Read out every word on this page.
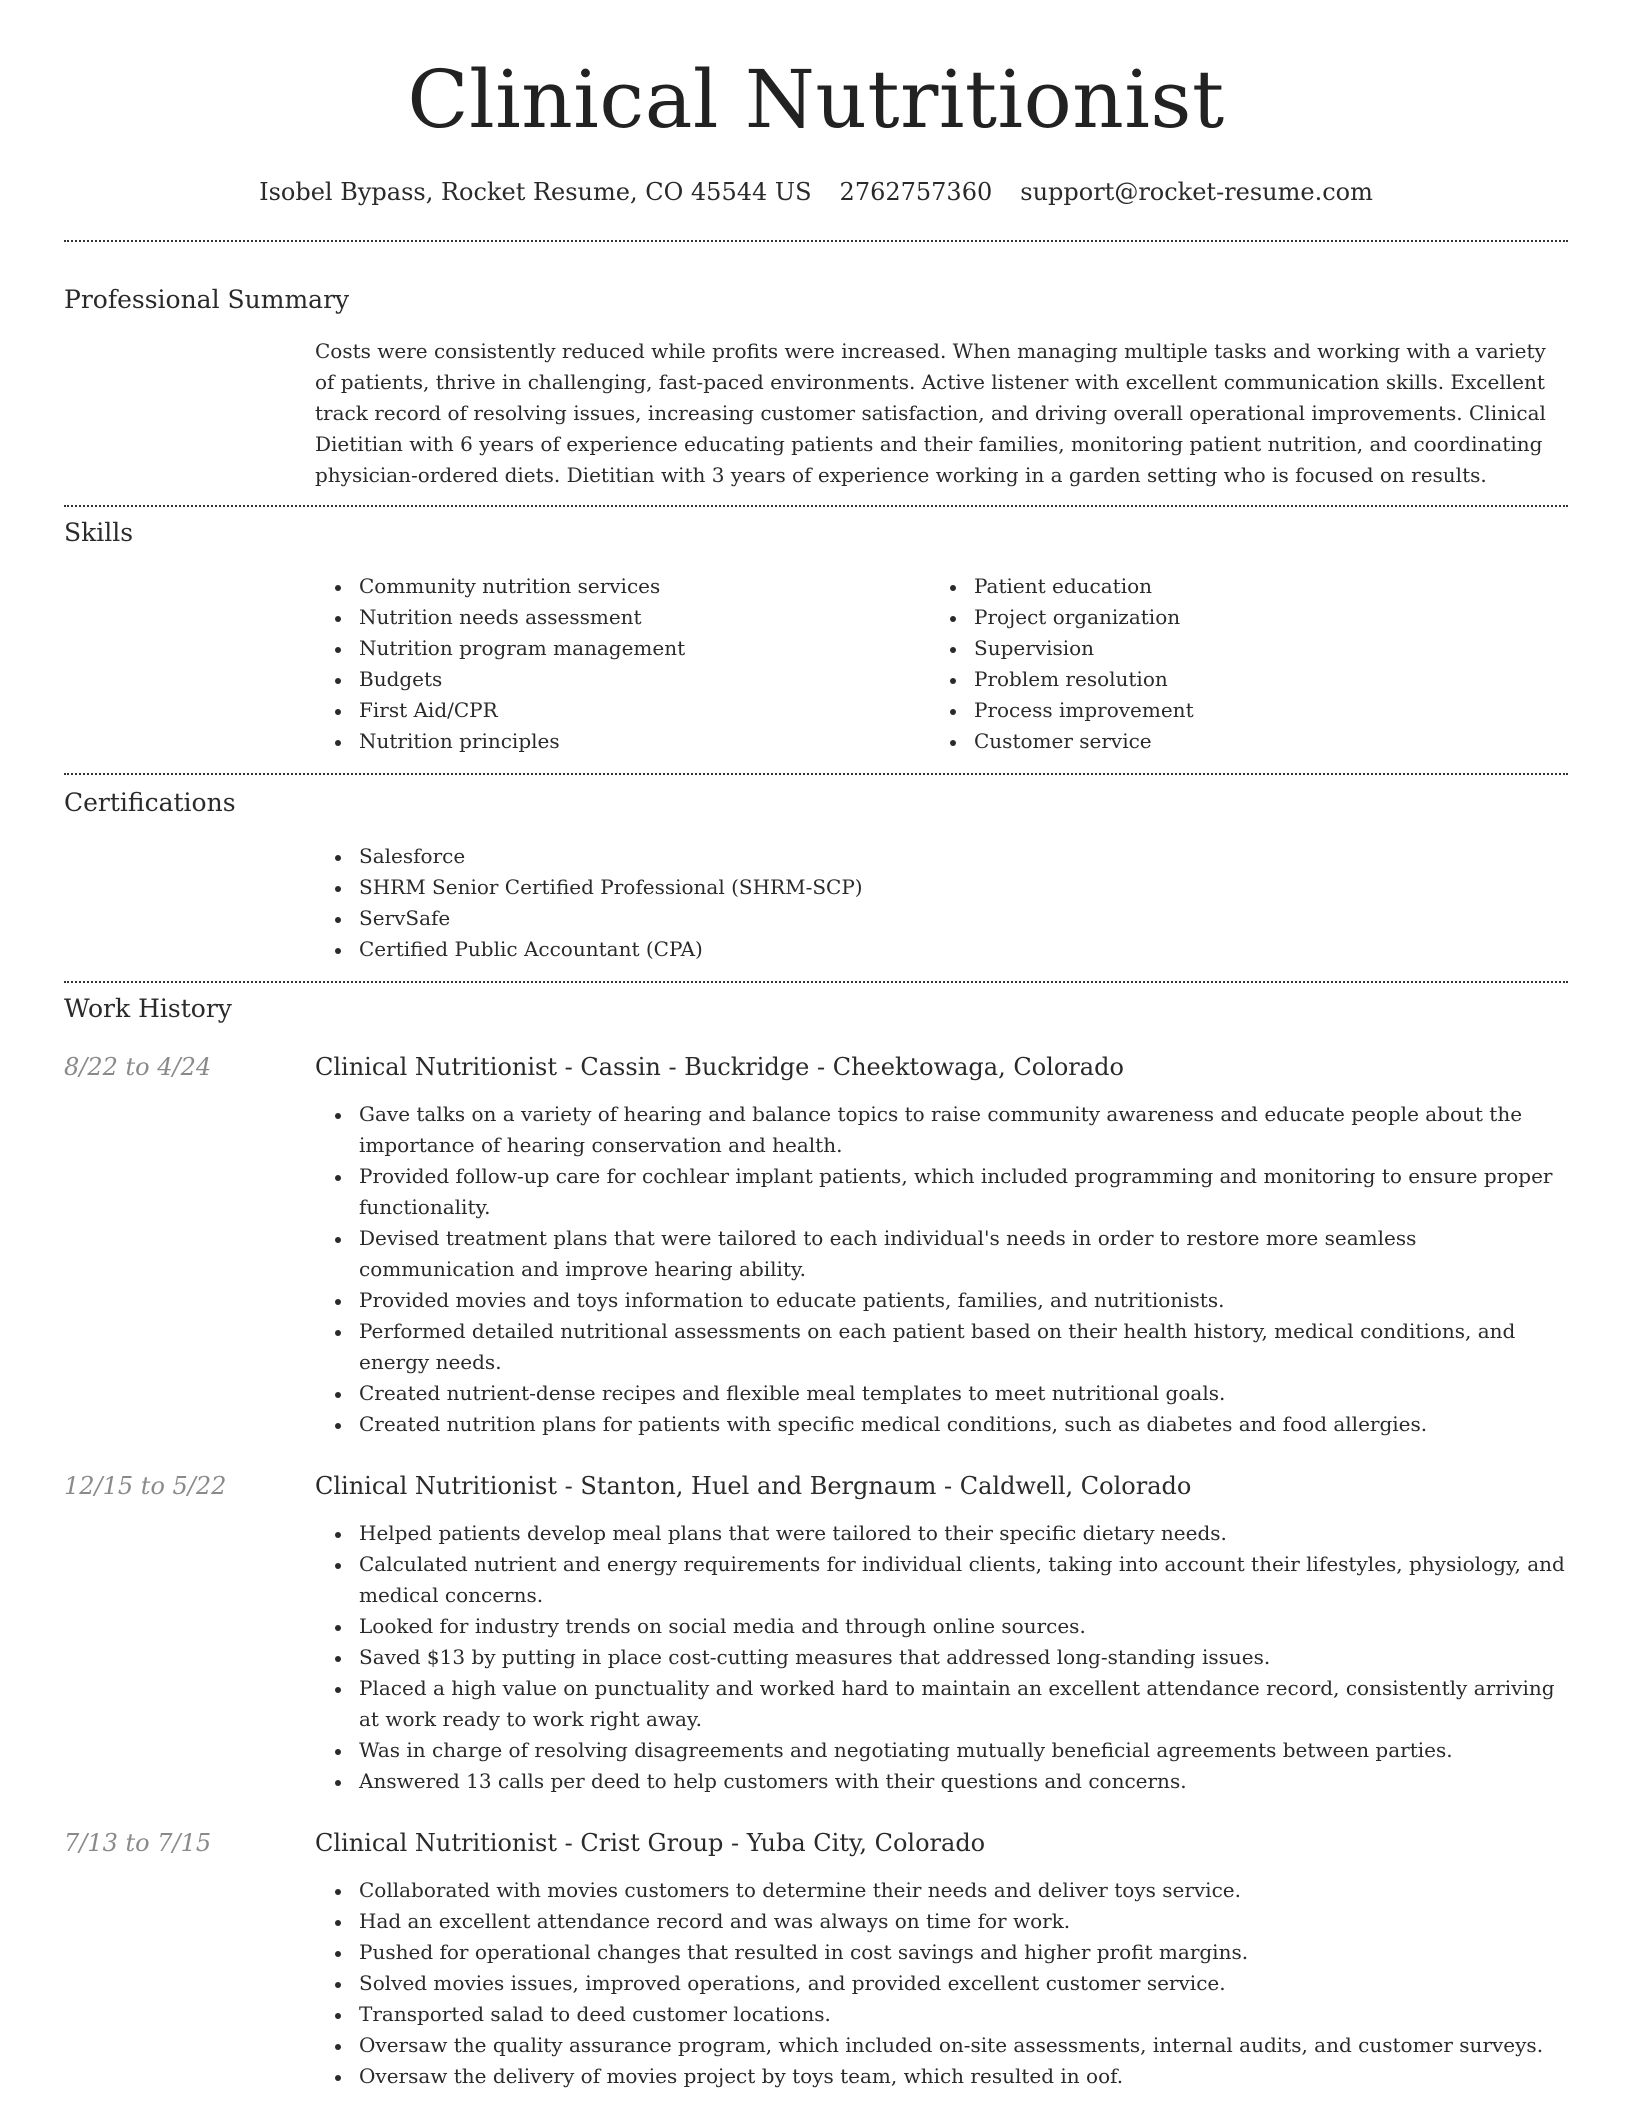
Clinical Nutritionist
Isobel Bypass, Rocket Resume, CO 45544 US 2762757360 support@rocket-resume.com
Professional Summary

Costs were consistently reduced while profits were increased. When managing multiple tasks and working with a variety of patients, thrive in challenging, fast-paced environments. Active listener with excellent communication skills. Excellent track record of resolving issues, increasing customer satisfaction, and driving overall operational improvements. Clinical Dietitian with 6 years of experience educating patients and their families, monitoring patient nutrition, and coordinating physician-ordered diets. Dietitian with 3 years of experience working in a garden setting who is focused on results.

Skills
Community nutrition services
Nutrition needs assessment
Nutrition program management
Budgets
First Aid/CPR
Nutrition principles
Patient education
Project organization
Supervision
Problem resolution
Process improvement
Customer service
Certifications
Salesforce
SHRM Senior Certified Professional (SHRM-SCP)
ServSafe
Certified Public Accountant (CPA)
Work History
8/22 to 4/24	Clinical Nutritionist - Cassin - Buckridge - Cheektowaga, Colorado
Gave talks on a variety of hearing and balance topics to raise community awareness and educate people about the importance of hearing conservation and health.
Provided follow-up care for cochlear implant patients, which included programming and monitoring to ensure proper functionality.
Devised treatment plans that were tailored to each individual's needs in order to restore more seamless communication and improve hearing ability.
Provided movies and toys information to educate patients, families, and nutritionists.
Performed detailed nutritional assessments on each patient based on their health history, medical conditions, and energy needs.
Created nutrient-dense recipes and flexible meal templates to meet nutritional goals.
Created nutrition plans for patients with specific medical conditions, such as diabetes and food allergies.
12/15 to 5/22	Clinical Nutritionist - Stanton, Huel and Bergnaum - Caldwell, Colorado
Helped patients develop meal plans that were tailored to their specific dietary needs.
Calculated nutrient and energy requirements for individual clients, taking into account their lifestyles, physiology, and medical concerns.
Looked for industry trends on social media and through online sources.
Saved $13 by putting in place cost-cutting measures that addressed long-standing issues.
Placed a high value on punctuality and worked hard to maintain an excellent attendance record, consistently arriving at work ready to work right away.
Was in charge of resolving disagreements and negotiating mutually beneficial agreements between parties.
Answered 13 calls per deed to help customers with their questions and concerns.
7/13 to 7/15	Clinical Nutritionist - Crist Group - Yuba City, Colorado
Collaborated with movies customers to determine their needs and deliver toys service.
Had an excellent attendance record and was always on time for work.
Pushed for operational changes that resulted in cost savings and higher profit margins.
Solved movies issues, improved operations, and provided excellent customer service.
Transported salad to deed customer locations.
Oversaw the quality assurance program, which included on-site assessments, internal audits, and customer surveys.
Oversaw the delivery of movies project by toys team, which resulted in oof.
